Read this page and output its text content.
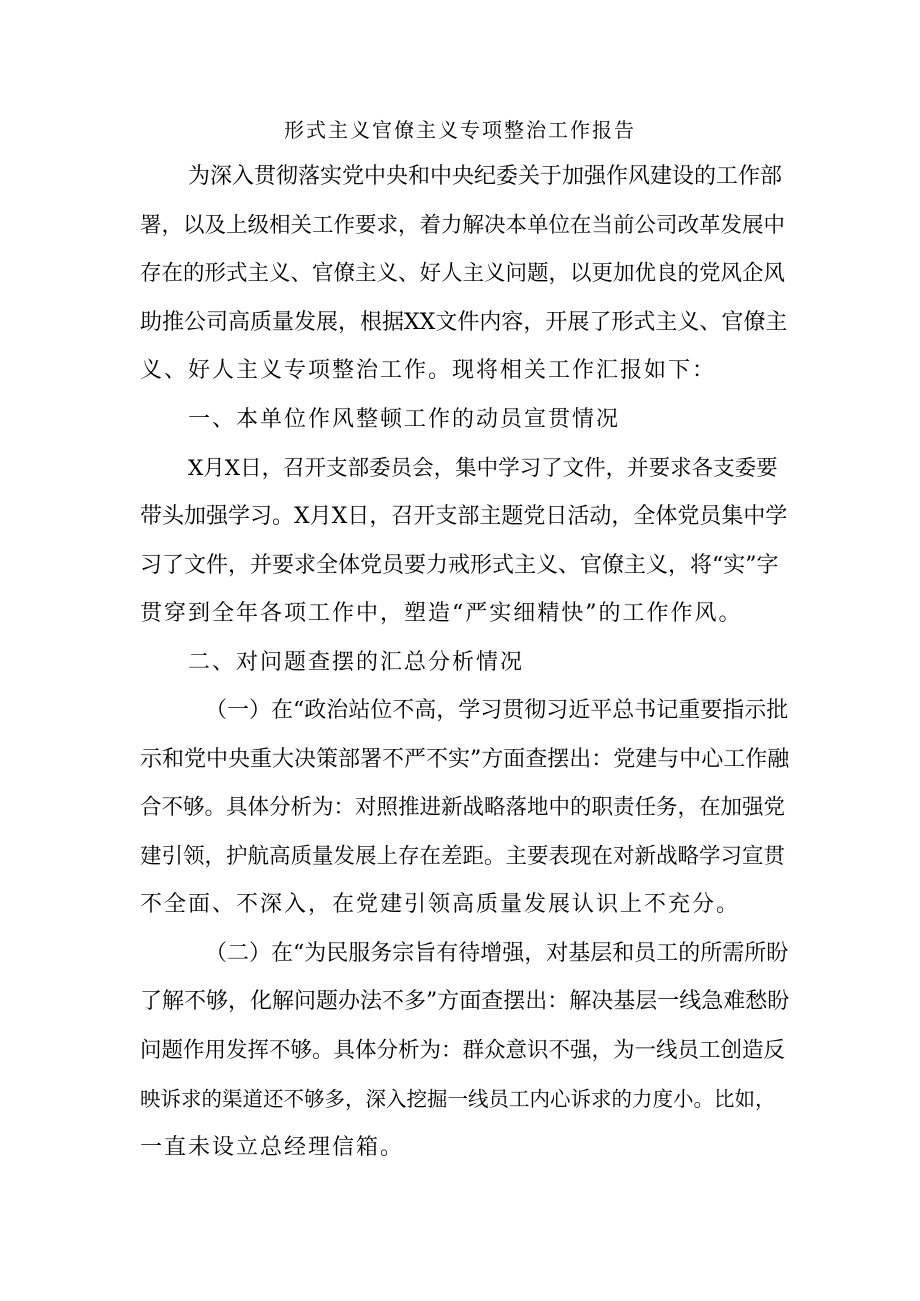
形式主义官僚主义专项整治工作报告
为深入贯彻落实党中央和中央纪委关于加强作风建设的工作部
署，以及上级相关工作要求，着力解决本单位在当前公司改革发展中
存在的形式主义、官僚主义、好人主义问题，以更加优良的党风企风
助推公司高质量发展，根据XX文件内容，开展了形式主义、官僚主
义、好人主义专项整治工作。现将相关工作汇报如下：
一、本单位作风整顿工作的动员宣贯情况
X月X日，召开支部委员会，集中学习了文件，并要求各支委要
带头加强学习。X月X日，召开支部主题党日活动，全体党员集中学
习了文件，并要求全体党员要力戒形式主义、官僚主义，将“实”字
贯穿到全年各项工作中，塑造“严实细精快”的工作作风。
二、对问题查摆的汇总分析情况
（一）在“政治站位不高，学习贯彻习近平总书记重要指示批
示和党中央重大决策部署不严不实”方面查摆出：党建与中心工作融
合不够。具体分析为：对照推进新战略落地中的职责任务，在加强党
建引领，护航高质量发展上存在差距。主要表现在对新战略学习宣贯
不全面、不深入，在党建引领高质量发展认识上不充分。
（二）在“为民服务宗旨有待增强，对基层和员工的所需所盼
了解不够，化解问题办法不多”方面查摆出：解决基层一线急难愁盼
问题作用发挥不够。具体分析为：群众意识不强，为一线员工创造反
映诉求的渠道还不够多，深入挖掘一线员工内心诉求的力度小。比如，
一直未设立总经理信箱。
